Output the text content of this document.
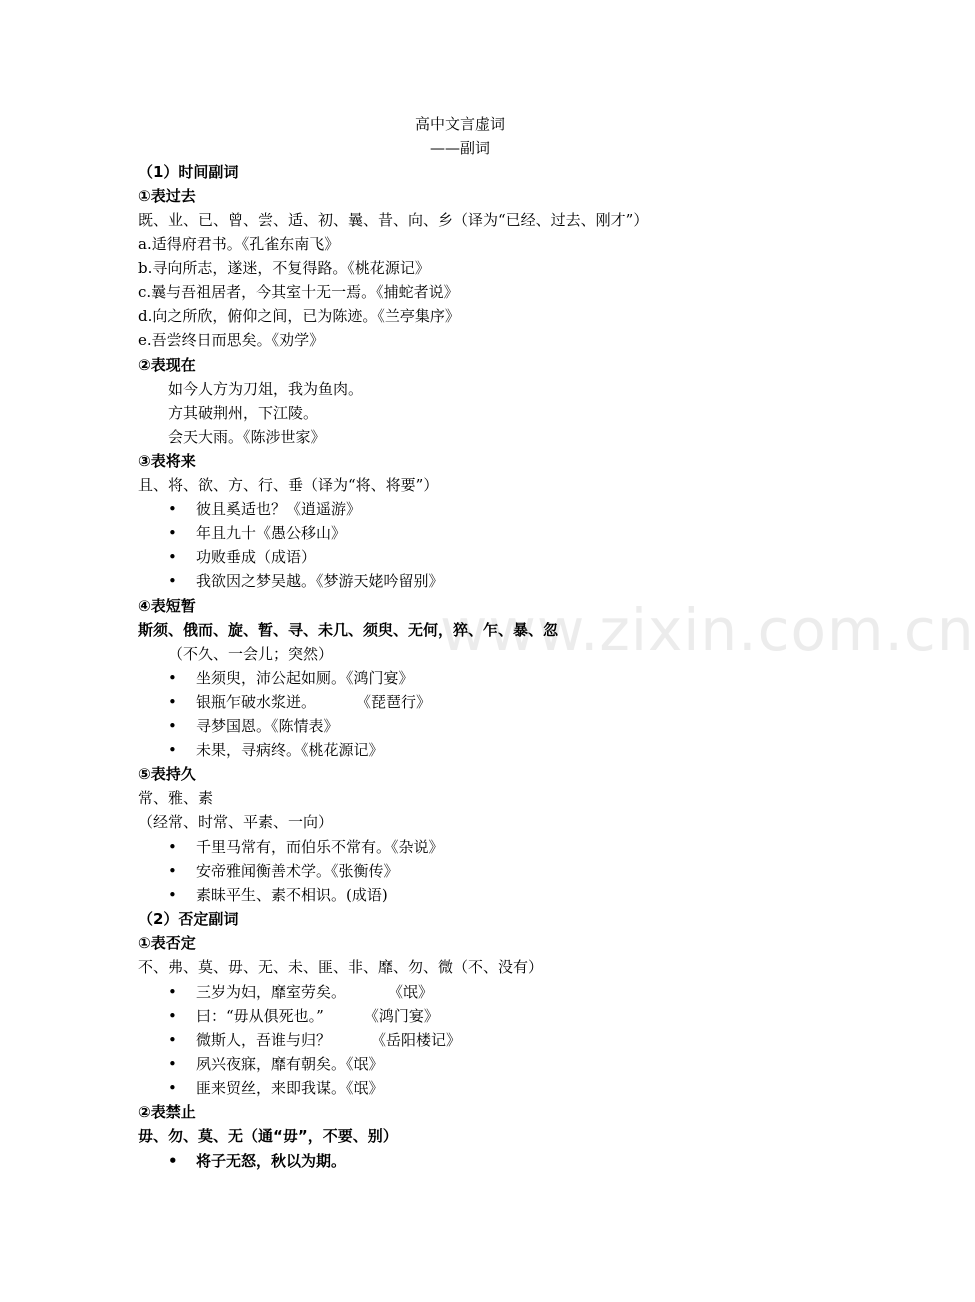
www.zixin.com.cn
高中文言虚词
——副词
（1）时间副词
①表过去
既、业、已、曾、尝、适、初、曩、昔、向、乡（译为“已经、过去、刚才”）
a.适得府君书。《孔雀东南飞》
b.寻向所志，遂迷，不复得路。《桃花源记》
c.曩与吾祖居者，今其室十无一焉。《捕蛇者说》
d.向之所欣，俯仰之间，已为陈迹。《兰亭集序》
e.吾尝终日而思矣。《劝学》
②表现在
如今人方为刀俎，我为鱼肉。
方其破荆州，下江陵。
会天大雨。《陈涉世家》
③表将来
且、将、欲、方、行、垂（译为“将、将要”）
• 彼且奚适也？《逍遥游》
• 年且九十《愚公移山》
• 功败垂成（成语）
• 我欲因之梦吴越。《梦游天姥吟留别》
④表短暂
斯须、俄而、旋、暂、寻、未几、须臾、无何，猝、乍、暴、忽
（不久、一会儿；突然）
• 坐须臾，沛公起如厕。《鸿门宴》
• 银瓶乍破水浆迸。	《琵琶行》
• 寻梦国恩。《陈情表》
• 未果，寻病终。《桃花源记》
⑤表持久
常、雅、素
（经常、时常、平素、一向）
• 千里马常有，而伯乐不常有。《杂说》
• 安帝雅闻衡善术学。《张衡传》
• 素昧平生、素不相识。(成语)
（2）否定副词
①表否定
不、弗、莫、毋、无、未、匪、非、靡、勿、微（不、没有）
• 三岁为妇，靡室劳矣。	《氓》
• 曰：“毋从俱死也。”	《鸿门宴》
• 微斯人，吾谁与归？	《岳阳楼记》
• 夙兴夜寐，靡有朝矣。《氓》
• 匪来贸丝，来即我谋。《氓》
②表禁止
毋、勿、莫、无（通“毋”，不要、别）
• 将子无怒，秋以为期。
